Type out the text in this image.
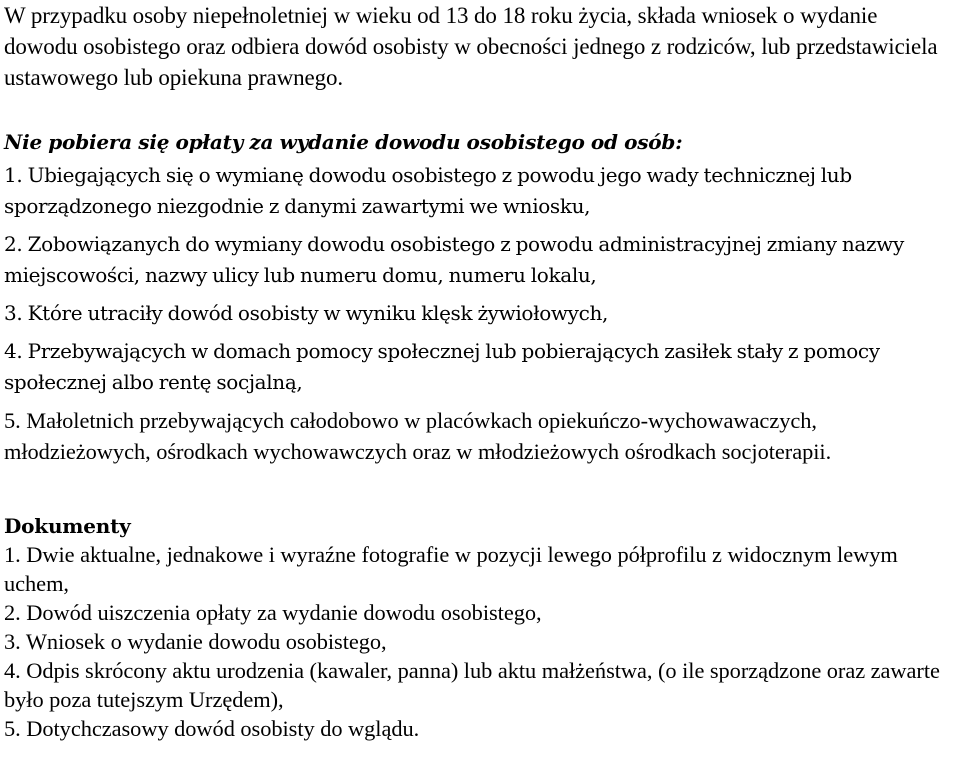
W przypadku osoby niepełnoletniej w wieku od 13 do 18 roku życia, składa wniosek o wydanie dowodu osobistego oraz odbiera dowód osobisty w obecności jednego z rodziców, lub przedstawiciela ustawowego lub opiekuna prawnego.

Nie pobiera się opłaty za wydanie dowodu osobistego od osób:

1. Ubiegających się o wymianę dowodu osobistego z powodu jego wady technicznej lub sporządzonego niezgodnie z danymi zawartymi we wniosku,

2. Zobowiązanych do wymiany dowodu osobistego z powodu administracyjnej zmiany nazwy miejscowości, nazwy ulicy lub numeru domu, numeru lokalu,

3. Które utraciły dowód osobisty w wyniku klęsk żywiołowych,

4. Przebywających w domach pomocy społecznej lub pobierających zasiłek stały z pomocy społecznej albo rentę socjalną,

5. Małoletnich przebywających całodobowo w placówkach opiekuńczo-wychowawaczych, młodzieżowych, ośrodkach wychowawczych oraz w młodzieżowych ośrodkach socjoterapii.

Dokumenty

1. Dwie aktualne, jednakowe i wyraźne fotografie w pozycji lewego półprofilu z widocznym lewym uchem,

2. Dowód uiszczenia opłaty za wydanie dowodu osobistego,

3. Wniosek o wydanie dowodu osobistego,

4. Odpis skrócony aktu urodzenia (kawaler, panna) lub aktu małżeństwa, (o ile sporządzone oraz zawarte było poza tutejszym Urzędem),

5. Dotychczasowy dowód osobisty do wglądu.
